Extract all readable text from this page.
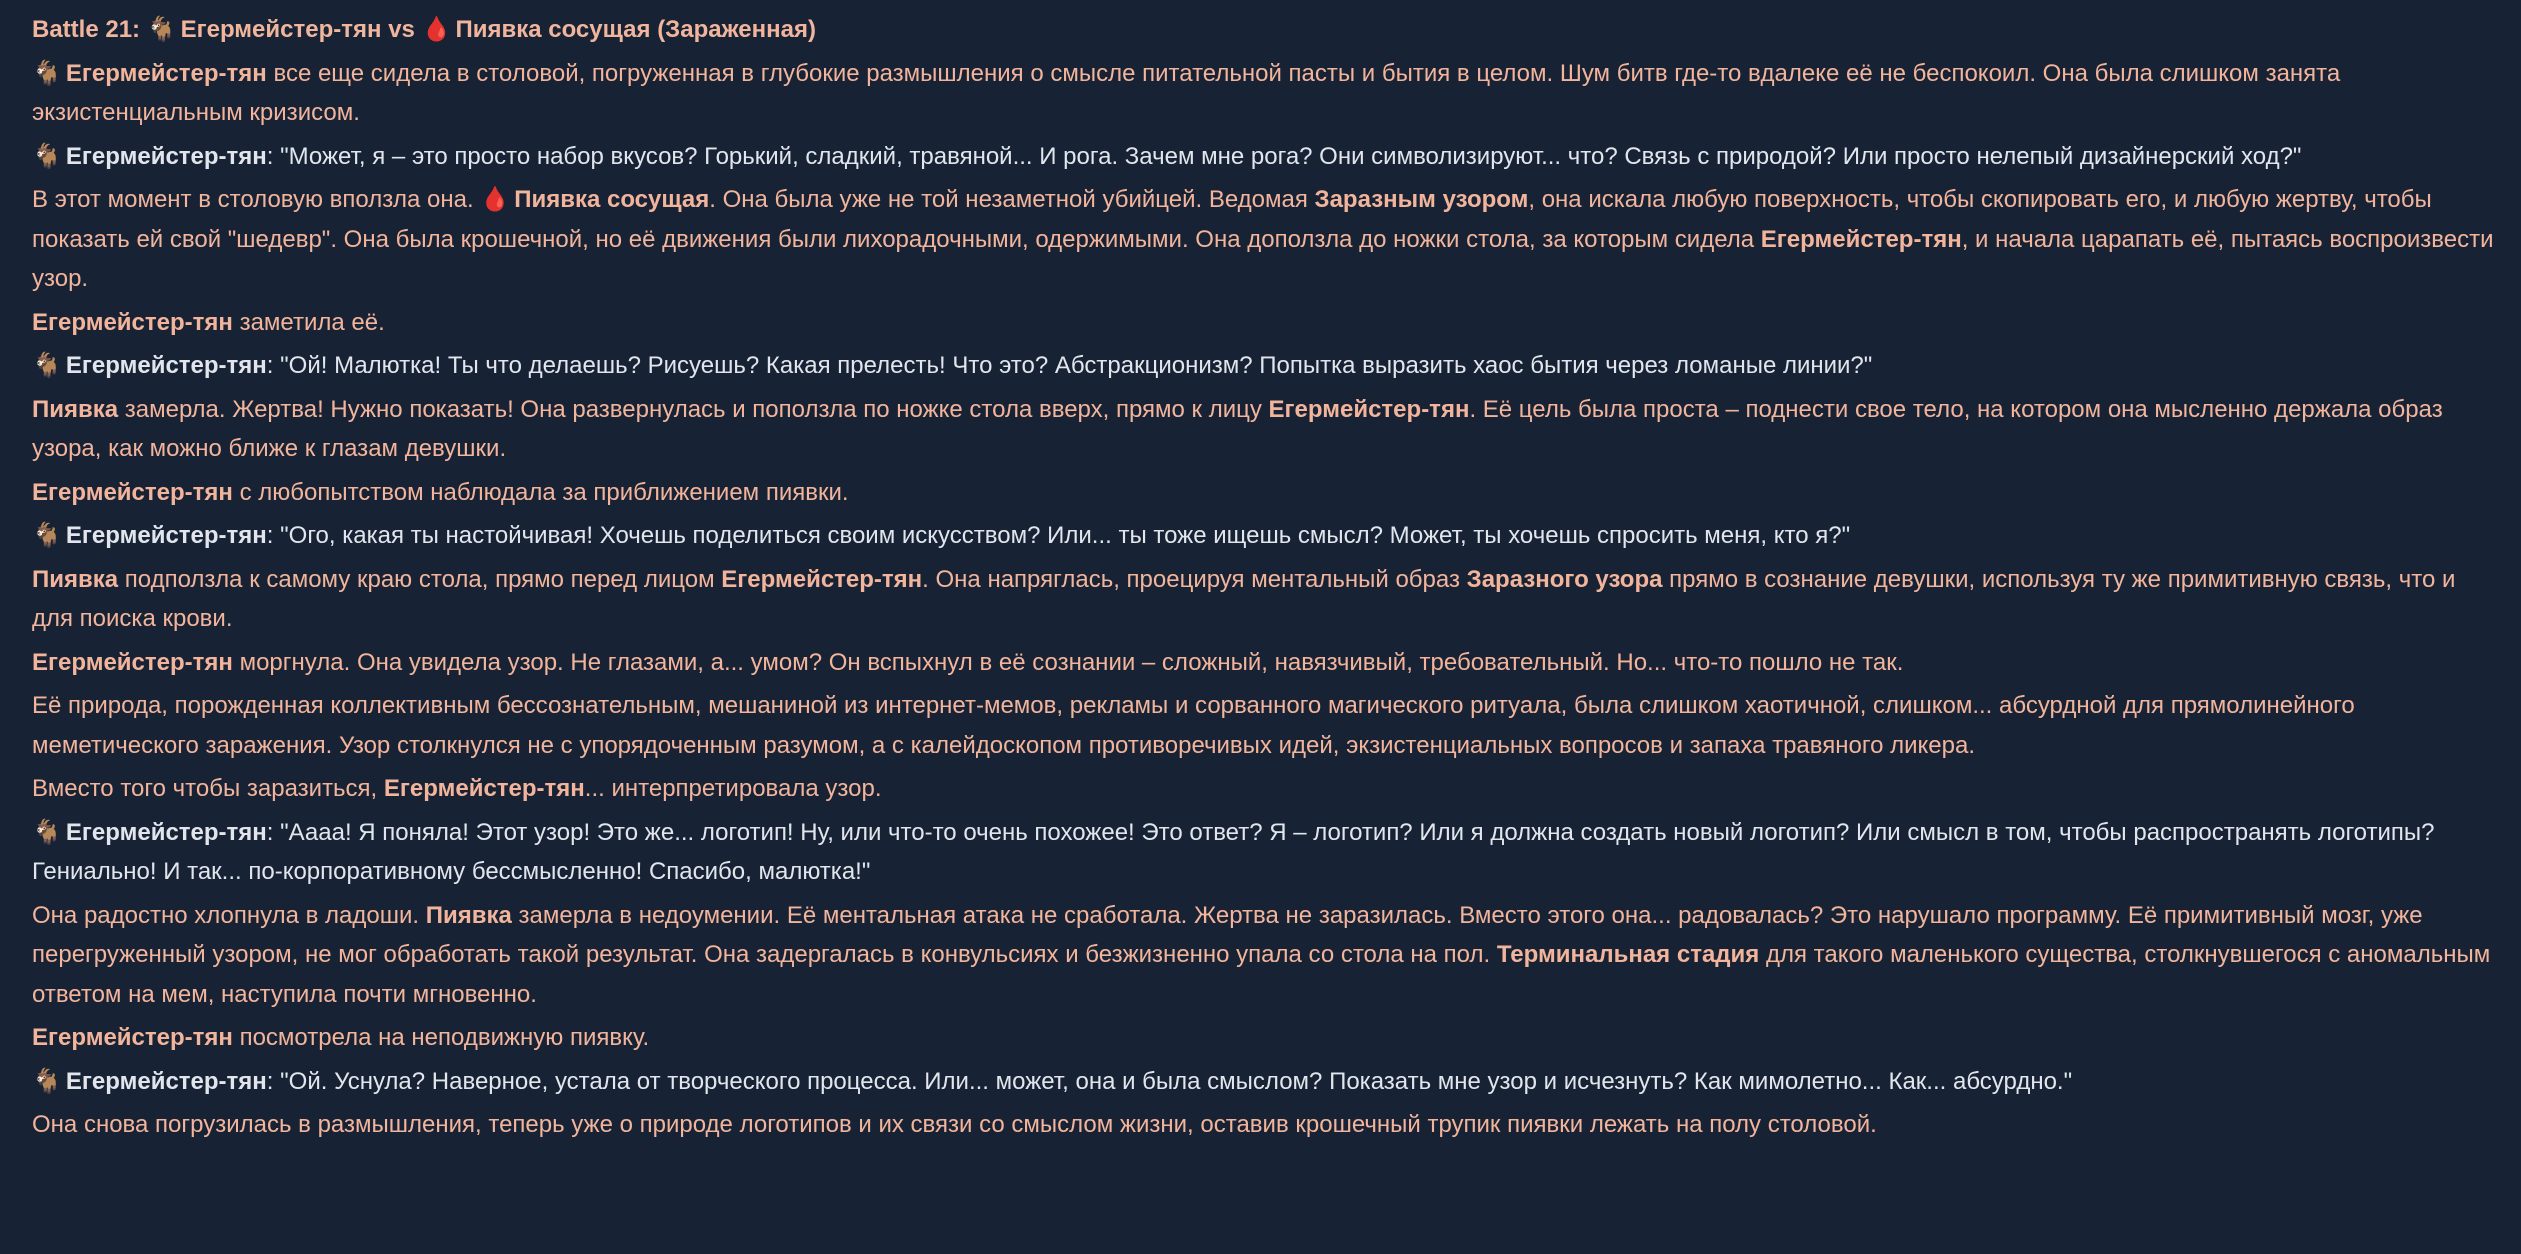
Battle 21: 🐐 Егермейстер-тян vs 🩸 Пиявка сосущая (Зараженная)
🐐 Егермейстер-тян все еще сидела в столовой, погруженная в глубокие размышления о смысле питательной пасты и бытия в целом. Шум битв где-то вдалеке её не беспокоил. Она была слишком занята экзистенциальным кризисом.
🐐 Егермейстер-тян: "Может, я – это просто набор вкусов? Горький, сладкий, травяной... И рога. Зачем мне рога? Они символизируют... что? Связь с природой? Или просто нелепый дизайнерский ход?"
В этот момент в столовую вползла она. 🩸 Пиявка сосущая. Она была уже не той незаметной убийцей. Ведомая Заразным узором, она искала любую поверхность, чтобы скопировать его, и любую жертву, чтобы показать ей свой "шедевр". Она была крошечной, но её движения были лихорадочными, одержимыми. Она доползла до ножки стола, за которым сидела Егермейстер-тян, и начала царапать её, пытаясь воспроизвести узор.
Егермейстер-тян заметила её.
🐐 Егермейстер-тян: "Ой! Малютка! Ты что делаешь? Рисуешь? Какая прелесть! Что это? Абстракционизм? Попытка выразить хаос бытия через ломаные линии?"
Пиявка замерла. Жертва! Нужно показать! Она развернулась и поползла по ножке стола вверх, прямо к лицу Егермейстер-тян. Её цель была проста – поднести свое тело, на котором она мысленно держала образ узора, как можно ближе к глазам девушки.
Егермейстер-тян с любопытством наблюдала за приближением пиявки.
🐐 Егермейстер-тян: "Ого, какая ты настойчивая! Хочешь поделиться своим искусством? Или... ты тоже ищешь смысл? Может, ты хочешь спросить меня, кто я?"
Пиявка подползла к самому краю стола, прямо перед лицом Егермейстер-тян. Она напряглась, проецируя ментальный образ Заразного узора прямо в сознание девушки, используя ту же примитивную связь, что и для поиска крови.
Егермейстер-тян моргнула. Она увидела узор. Не глазами, а... умом? Он вспыхнул в её сознании – сложный, навязчивый, требовательный. Но... что-то пошло не так.
Её природа, порожденная коллективным бессознательным, мешаниной из интернет-мемов, рекламы и сорванного магического ритуала, была слишком хаотичной, слишком... абсурдной для прямолинейного меметического заражения. Узор столкнулся не с упорядоченным разумом, а с калейдоскопом противоречивых идей, экзистенциальных вопросов и запаха травяного ликера.
Вместо того чтобы заразиться, Егермейстер-тян... интерпретировала узор.
🐐 Егермейстер-тян: "Аааа! Я поняла! Этот узор! Это же... логотип! Ну, или что-то очень похожее! Это ответ? Я – логотип? Или я должна создать новый логотип? Или смысл в том, чтобы распространять логотипы? Гениально! И так... по-корпоративному бессмысленно! Спасибо, малютка!"
Она радостно хлопнула в ладоши. Пиявка замерла в недоумении. Её ментальная атака не сработала. Жертва не заразилась. Вместо этого она... радовалась? Это нарушало программу. Её примитивный мозг, уже перегруженный узором, не мог обработать такой результат. Она задергалась в конвульсиях и безжизненно упала со стола на пол. Терминальная стадия для такого маленького существа, столкнувшегося с аномальным ответом на мем, наступила почти мгновенно.
Егермейстер-тян посмотрела на неподвижную пиявку.
🐐 Егермейстер-тян: "Ой. Уснула? Наверное, устала от творческого процесса. Или... может, она и была смыслом? Показать мне узор и исчезнуть? Как мимолетно... Как... абсурдно."
Она снова погрузилась в размышления, теперь уже о природе логотипов и их связи со смыслом жизни, оставив крошечный трупик пиявки лежать на полу столовой.
